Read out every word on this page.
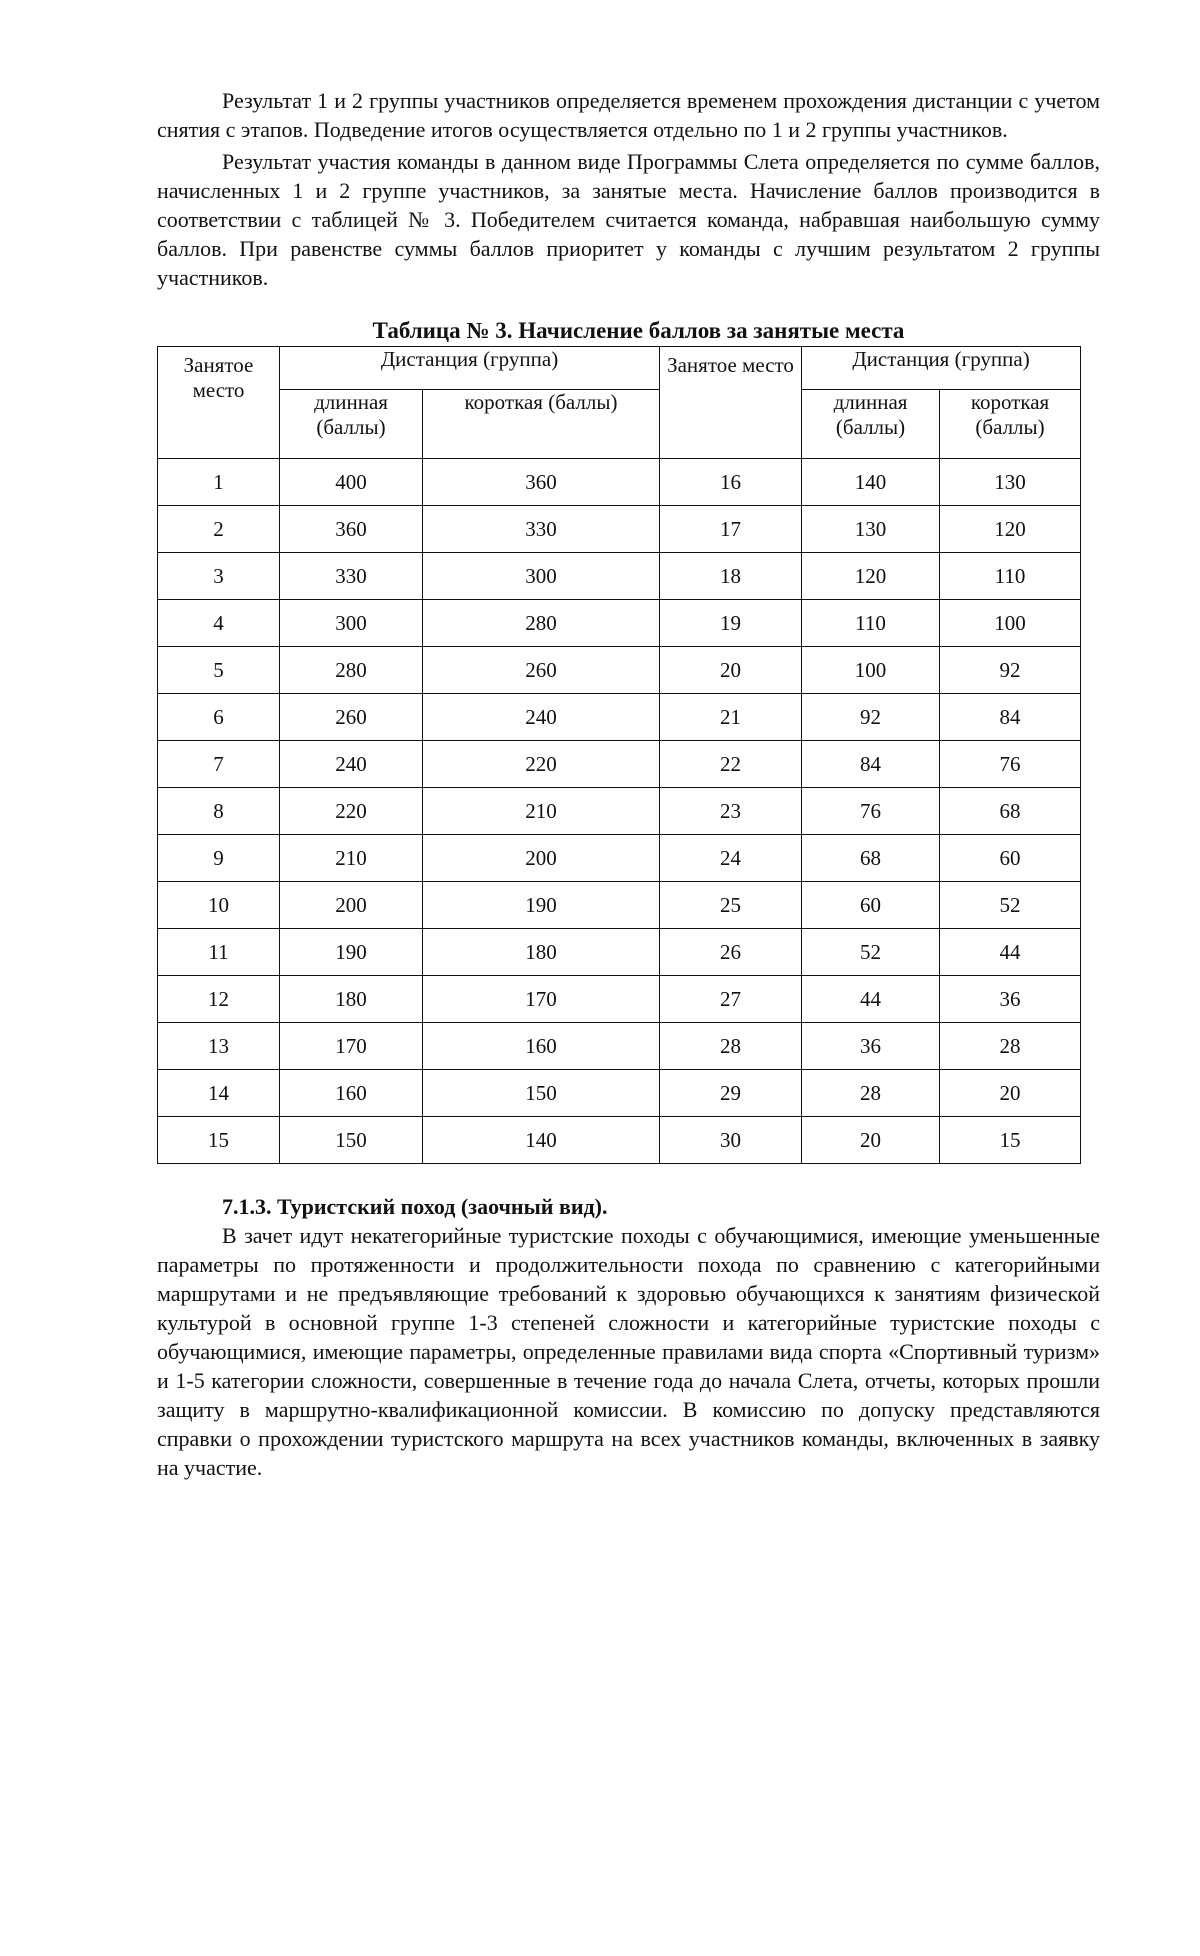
Результат 1 и 2 группы участников определяется временем прохождения дистанции с учетом снятия с этапов. Подведение итогов осуществляется отдельно по 1 и 2 группы участников.

Результат участия команды в данном виде Программы Слета определяется по сумме баллов, начисленных 1 и 2 группе участников, за занятые места. Начисление баллов производится в соответствии с таблицей № 3. Победителем считается команда, набравшая наибольшую сумму баллов. При равенстве суммы баллов приоритет у команды с лучшим результатом 2 группы участников.

Таблица № 3. Начисление баллов за занятые места
Занятое место	Дистанция (группа)		Занятое место	Дистанция (группа)	
	длинная (баллы)	короткая (баллы)		длинная (баллы)	короткая (баллы)
1	400	360	16	140	130
2	360	330	17	130	120
3	330	300	18	120	110
4	300	280	19	110	100
5	280	260	20	100	92
6	260	240	21	92	84
7	240	220	22	84	76
8	220	210	23	76	68
9	210	200	24	68	60
10	200	190	25	60	52
11	190	180	26	52	44
12	180	170	27	44	36
13	170	160	28	36	28
14	160	150	29	28	20
15	150	140	30	20	15
7.1.3. Туристский поход (заочный вид).

В зачет идут некатегорийные туристские походы с обучающимися, имеющие уменьшенные параметры по протяженности и продолжительности похода по сравнению с категорийными маршрутами и не предъявляющие требований к здоровью обучающихся к занятиям физической культурой в основной группе 1-3 степеней сложности и категорийные туристские походы с обучающимися, имеющие параметры, определенные правилами вида спорта «Спортивный туризм» и 1-5 категории сложности, совершенные в течение года до начала Слета, отчеты, которых прошли защиту в маршрутно-квалификационной комиссии. В комиссию по допуску представляются справки о прохождении туристского маршрута на всех участников команды, включенных в заявку на участие.
